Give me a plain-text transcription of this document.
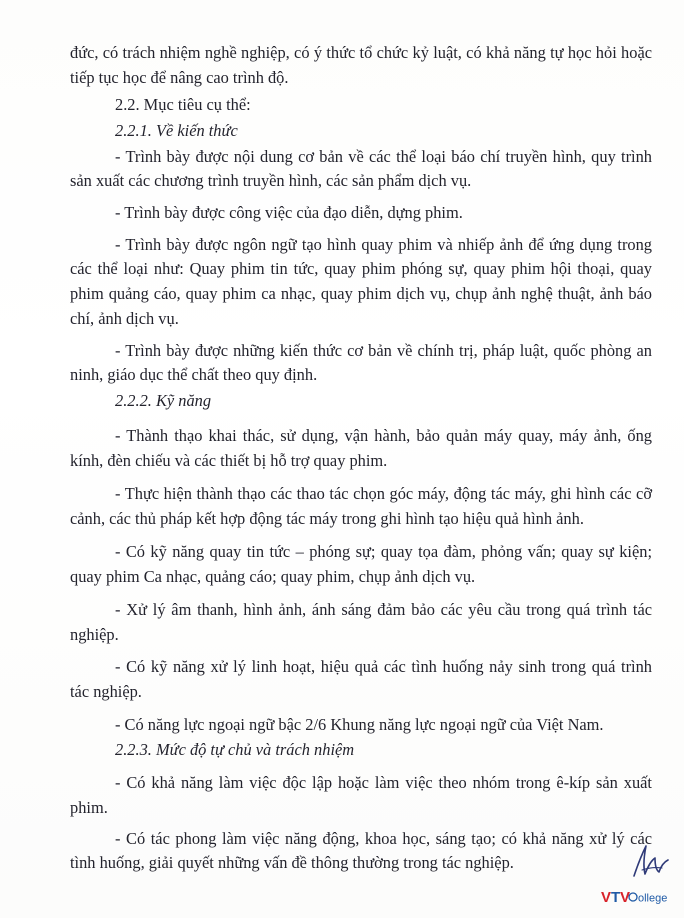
đức, có trách nhiệm nghề nghiệp, có ý thức tổ chức kỷ luật, có khả năng tự học hỏi hoặc
tiếp tục học để nâng cao trình độ.
2.2. Mục tiêu cụ thể:
2.2.1. Về kiến thức
- Trình bày được nội dung cơ bản về các thể loại báo chí truyền hình, quy trình
sản xuất các chương trình truyền hình, các sản phẩm dịch vụ.
- Trình bày được công việc của đạo diễn, dựng phim.
- Trình bày được ngôn ngữ tạo hình quay phim và nhiếp ảnh để ứng dụng trong
các thể loại như: Quay phim tin tức, quay phim phóng sự, quay phim hội thoại, quay
phim quảng cáo, quay phim ca nhạc, quay phim dịch vụ, chụp ảnh nghệ thuật, ảnh báo
chí, ảnh dịch vụ.
- Trình bày được những kiến thức cơ bản về chính trị, pháp luật, quốc phòng an
ninh, giáo dục thể chất theo quy định.
2.2.2. Kỹ năng
- Thành thạo khai thác, sử dụng, vận hành, bảo quản máy quay, máy ảnh, ống
kính, đèn chiếu và các thiết bị hỗ trợ quay phim.
- Thực hiện thành thạo các thao tác chọn góc máy, động tác máy, ghi hình các cỡ
cảnh, các thủ pháp kết hợp động tác máy trong ghi hình tạo hiệu quả hình ảnh.
- Có kỹ năng quay tin tức – phóng sự; quay tọa đàm, phỏng vấn; quay sự kiện;
quay phim Ca nhạc, quảng cáo; quay phim, chụp ảnh dịch vụ.
- Xử lý âm thanh, hình ảnh, ánh sáng đảm bảo các yêu cầu trong quá trình tác
nghiệp.
- Có kỹ năng xử lý linh hoạt, hiệu quả các tình huống nảy sinh trong quá trình
tác nghiệp.
- Có năng lực ngoại ngữ bậc 2/6 Khung năng lực ngoại ngữ của Việt Nam.
2.2.3. Mức độ tự chủ và trách nhiệm
- Có khả năng làm việc độc lập hoặc làm việc theo nhóm trong ê-kíp sản xuất
phim.
- Có tác phong làm việc năng động, khoa học, sáng tạo; có khả năng xử lý các
tình huống, giải quyết những vấn đề thông thường trong tác nghiệp.
V T V ollege
